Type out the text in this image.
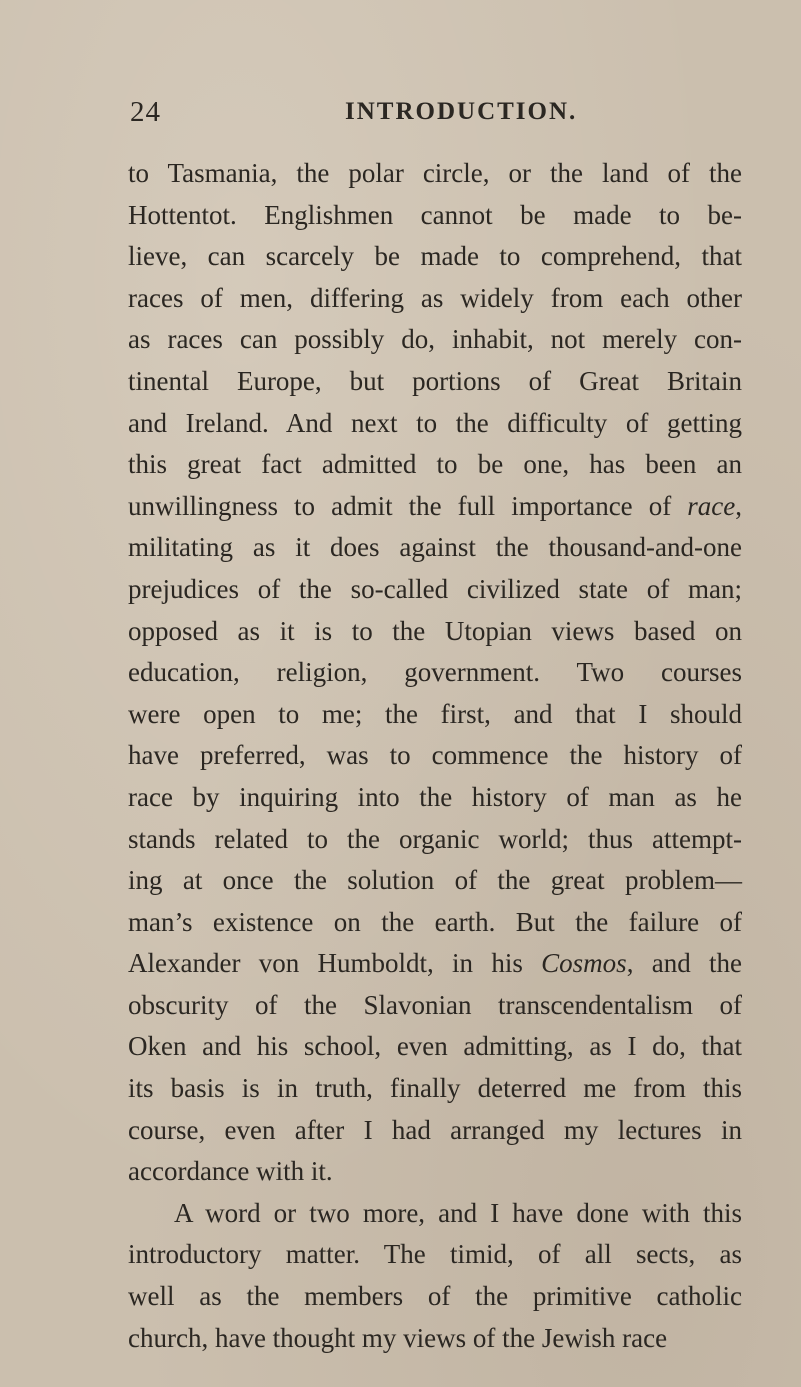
24	INTRODUCTION.
to Tasmania, the polar circle, or the land of the
Hottentot. Englishmen cannot be made to be-
lieve, can scarcely be made to comprehend, that
races of men, differing as widely from each other
as races can possibly do, inhabit, not merely con-
tinental Europe, but portions of Great Britain
and Ireland. And next to the difficulty of getting
this great fact admitted to be one, has been an
unwillingness to admit the full importance of race,
militating as it does against the thousand-and-one
prejudices of the so-called civilized state of man;
opposed as it is to the Utopian views based on
education, religion, government. Two courses
were open to me; the first, and that I should
have preferred, was to commence the history of
race by inquiring into the history of man as he
stands related to the organic world; thus attempt-
ing at once the solution of the great problem—
man’s existence on the earth. But the failure of
Alexander von Humboldt, in his Cosmos, and the
obscurity of the Slavonian transcendentalism of
Oken and his school, even admitting, as I do, that
its basis is in truth, finally deterred me from this
course, even after I had arranged my lectures in
accordance with it.
A word or two more, and I have done with this
introductory matter. The timid, of all sects, as
well as the members of the primitive catholic
church, have thought my views of the Jewish race
